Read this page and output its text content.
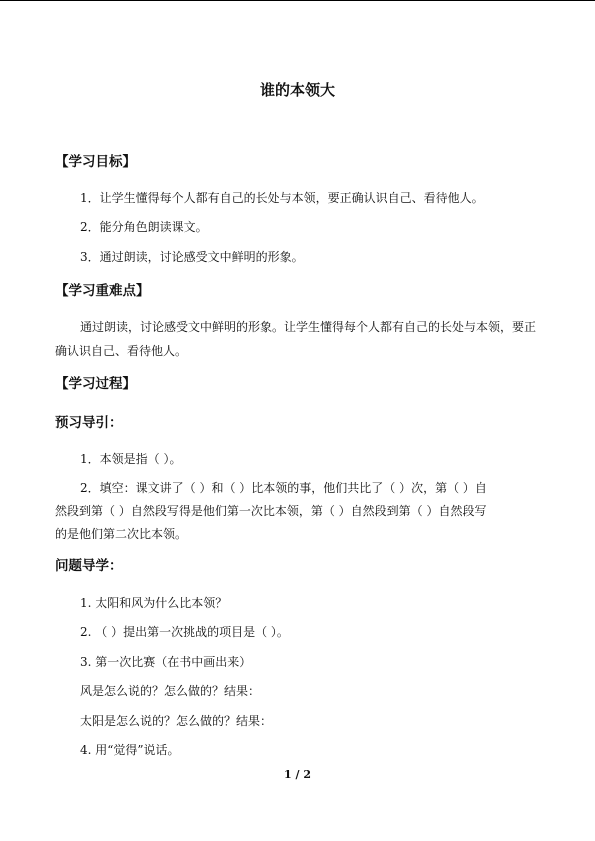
谁的本领大
【学习目标】
1．让学生懂得每个人都有自己的长处与本领，要正确认识自己、看待他人。
2．能分角色朗读课文。
3．通过朗读，讨论感受文中鲜明的形象。
【学习重难点】
通过朗读，讨论感受文中鲜明的形象。让学生懂得每个人都有自己的长处与本领，要正
确认识自己、看待他人。
【学习过程】
预习导引：
1．本领是指（ ）。
2．填空：课文讲了（ ）和（ ）比本领的事，他们共比了（ ）次，第（ ）自
然段到第（ ）自然段写得是他们第一次比本领，第（ ）自然段到第（ ）自然段写
的是他们第二次比本领。
问题导学：
1. 太阳和风为什么比本领？
2. （ ）提出第一次挑战的项目是（ ）。
3. 第一次比赛（在书中画出来）
风是怎么说的？怎么做的？结果：
太阳是怎么说的？怎么做的？结果：
4. 用“觉得”说话。
1 / 2
